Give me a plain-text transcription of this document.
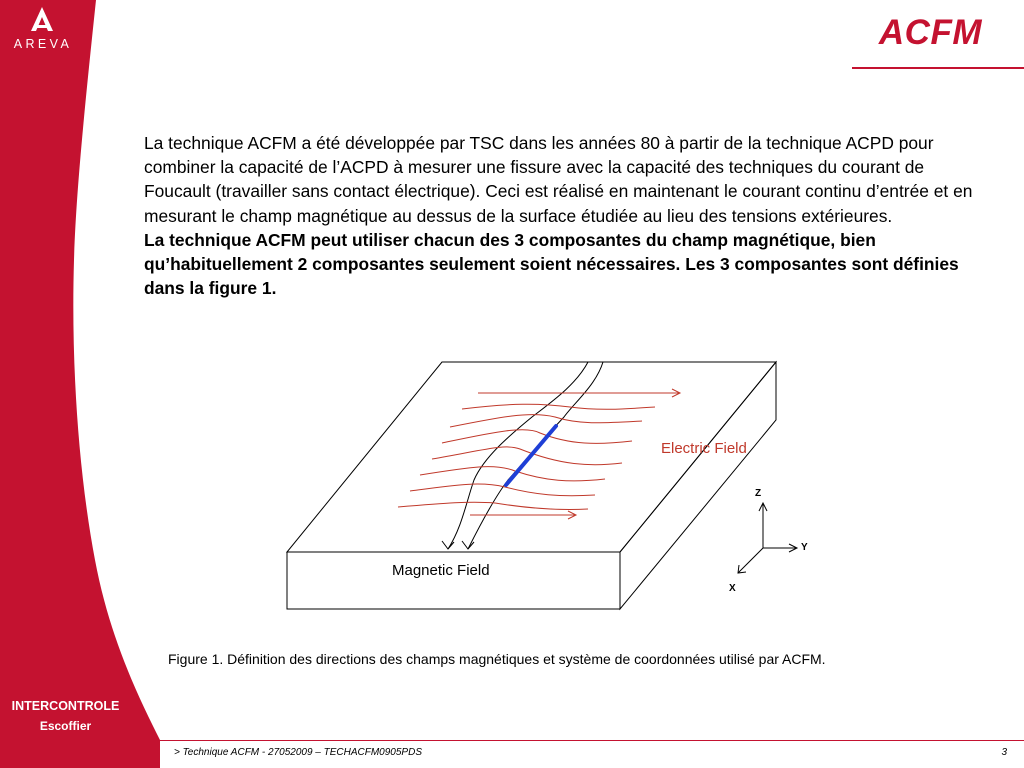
AREVA
INTERCONTROLE
Escoffier
ACFM

La technique ACFM a été développée par TSC dans les années 80 à partir de la technique ACPD pour combiner la capacité de l’ACPD à mesurer une fissure avec la capacité des techniques du courant de Foucault (travailler sans contact électrique). Ceci est réalisé en maintenant le courant continu d’entrée et en mesurant le champ magnétique au dessus de la surface étudiée au lieu des tensions extérieures.

La technique ACFM peut utiliser chacun des 3 composantes du champ magnétique, bien qu’habituellement 2 composantes seulement soient nécessaires. Les 3 composantes sont définies dans la figure 1.

Electric Field
Magnetic Field
Z
Y
X
Figure 1. Définition des directions des champs magnétiques et système de coordonnées utilisé par ACFM.
> Technique ACFM - 27052009 – TECHACFM0905PDS	3
